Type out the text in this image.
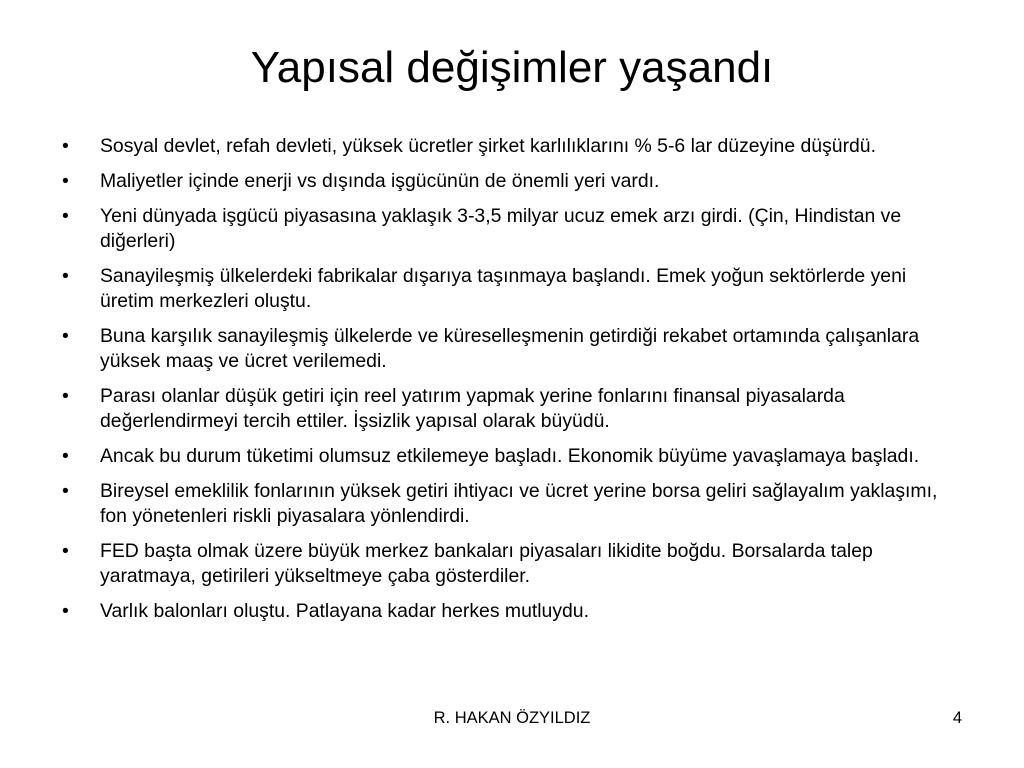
Yapısal değişimler yaşandı
•	Sosyal devlet, refah devleti, yüksek ücretler şirket karlılıklarını % 5-6 lar düzeyine düşürdü.
•	Maliyetler içinde enerji vs dışında işgücünün de önemli yeri vardı.
•	Yeni dünyada işgücü piyasasına yaklaşık 3-3,5 milyar ucuz emek arzı girdi. (Çin, Hindistan ve diğerleri)
•	Sanayileşmiş ülkelerdeki fabrikalar dışarıya taşınmaya başlandı. Emek yoğun sektörlerde yeni üretim merkezleri oluştu.
•	Buna karşılık sanayileşmiş ülkelerde ve küreselleşmenin getirdiği rekabet ortamında çalışanlara yüksek maaş ve ücret verilemedi.
•	Parası olanlar düşük getiri için reel yatırım yapmak yerine fonlarını finansal piyasalarda değerlendirmeyi tercih ettiler. İşsizlik yapısal olarak büyüdü.
•	Ancak bu durum tüketimi olumsuz etkilemeye başladı. Ekonomik büyüme yavaşlamaya başladı.
•	Bireysel emeklilik fonlarının yüksek getiri ihtiyacı ve ücret yerine borsa geliri sağlayalım yaklaşımı, fon yönetenleri riskli piyasalara yönlendirdi.
•	FED başta olmak üzere büyük merkez bankaları piyasaları likidite boğdu. Borsalarda talep yaratmaya, getirileri yükseltmeye çaba gösterdiler.
•	Varlık balonları oluştu. Patlayana kadar herkes mutluydu.
R. HAKAN ÖZYILDIZ	4
